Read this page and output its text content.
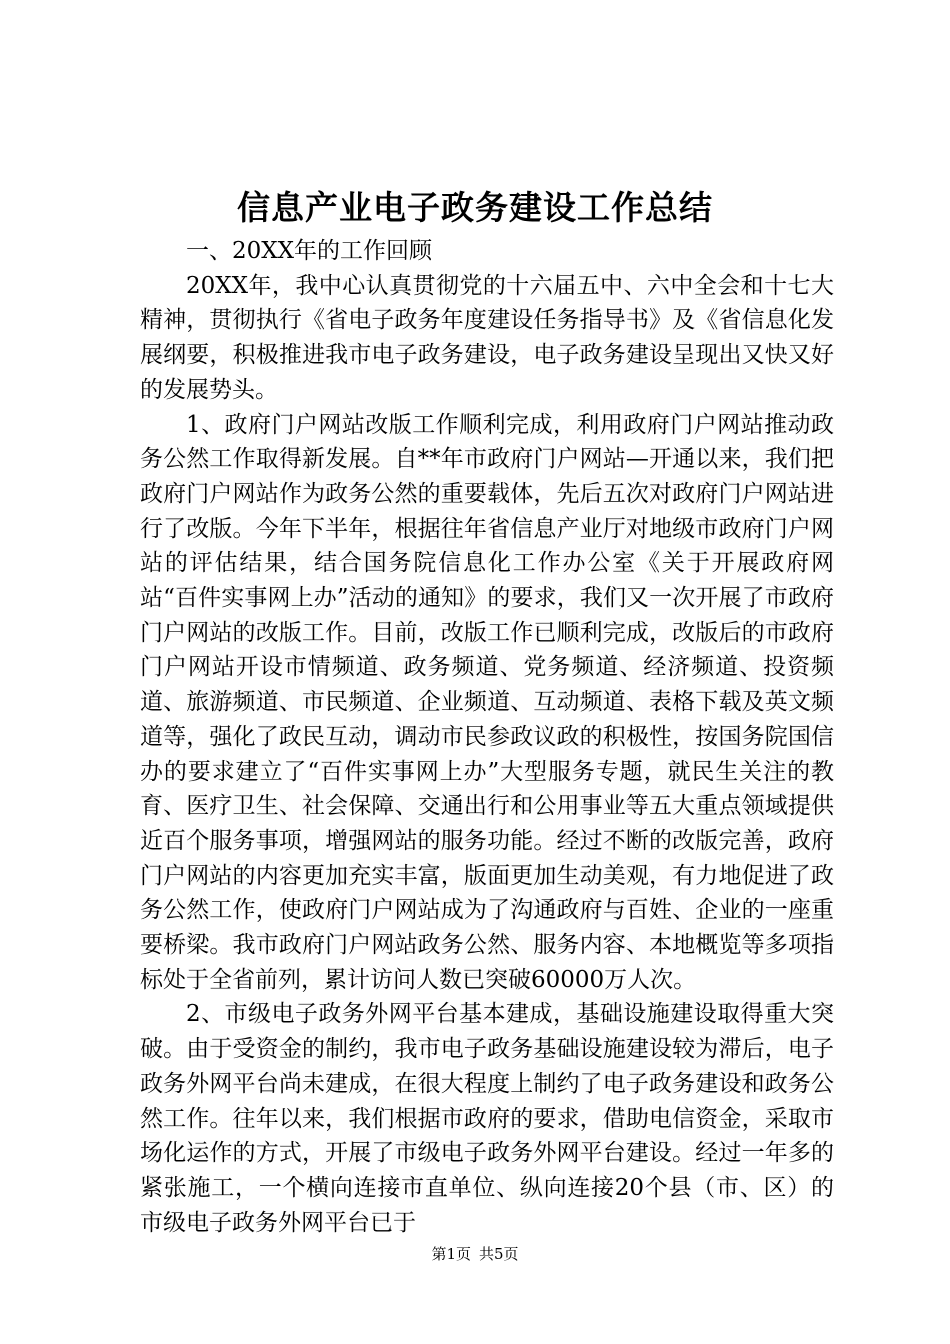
信息产业电子政务建设工作总结

一、20XX年的工作回顾

20XX年，我中心认真贯彻党的十六届五中、六中全会和十七大精神，贯彻执行《省电子政务年度建设任务指导书》及《省信息化发展纲要，积极推进我市电子政务建设，电子政务建设呈现出又快又好的发展势头。

1、政府门户网站改版工作顺利完成，利用政府门户网站推动政务公然工作取得新发展。自**年市政府门户网站—开通以来，我们把政府门户网站作为政务公然的重要载体，先后五次对政府门户网站进行了改版。今年下半年，根据往年省信息产业厅对地级市政府门户网站的评估结果，结合国务院信息化工作办公室《关于开展政府网站“百件实事网上办”活动的通知》的要求，我们又一次开展了市政府门户网站的改版工作。目前，改版工作已顺利完成，改版后的市政府门户网站开设市情频道、政务频道、党务频道、经济频道、投资频道、旅游频道、市民频道、企业频道、互动频道、表格下载及英文频道等，强化了政民互动，调动市民参政议政的积极性，按国务院国信办的要求建立了“百件实事网上办”大型服务专题，就民生关注的教育、医疗卫生、社会保障、交通出行和公用事业等五大重点领域提供近百个服务事项，增强网站的服务功能。经过不断的改版完善，政府门户网站的内容更加充实丰富，版面更加生动美观，有力地促进了政务公然工作，使政府门户网站成为了沟通政府与百姓、企业的一座重要桥梁。我市政府门户网站政务公然、服务内容、本地概览等多项指标处于全省前列，累计访问人数已突破60000万人次。

2、市级电子政务外网平台基本建成，基础设施建设取得重大突破。由于受资金的制约，我市电子政务基础设施建设较为滞后，电子政务外网平台尚未建成，在很大程度上制约了电子政务建设和政务公然工作。往年以来，我们根据市政府的要求，借助电信资金，采取市场化运作的方式，开展了市级电子政务外网平台建设。经过一年多的紧张施工，一个横向连接市直单位、纵向连接20个县（市、区）的市级电子政务外网平台已于

第1页 共5页
